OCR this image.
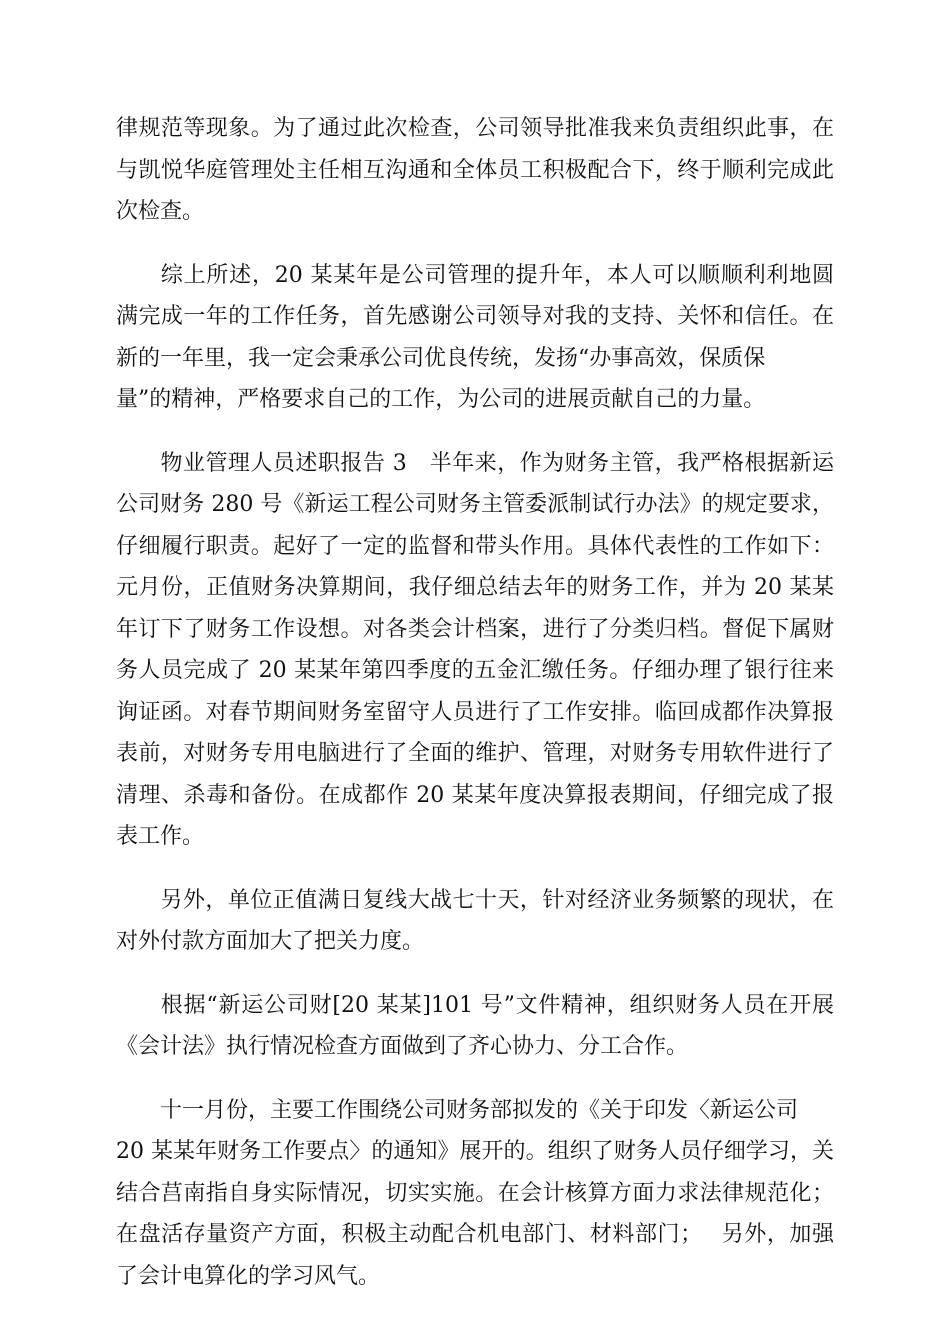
律规范等现象。为了通过此次检查，公司领导批准我来负责组织此事，在
与凯悦华庭管理处主任相互沟通和全体员工积极配合下，终于顺利完成此
次检查。

综上所述，20 某某年是公司管理的提升年，本人可以顺顺利利地圆
满完成一年的工作任务，首先感谢公司领导对我的支持、关怀和信任。在
新的一年里，我一定会秉承公司优良传统，发扬“办事高效，保质保
量”的精神，严格要求自己的工作，为公司的进展贡献自己的力量。

物业管理人员述职报告 3　半年来，作为财务主管，我严格根据新运
公司财务 280 号《新运工程公司财务主管委派制试行办法》的规定要求，
仔细履行职责。起好了一定的监督和带头作用。具体代表性的工作如下：
元月份，正值财务决算期间，我仔细总结去年的财务工作，并为 20 某某
年订下了财务工作设想。对各类会计档案，进行了分类归档。督促下属财
务人员完成了 20 某某年第四季度的五金汇缴任务。仔细办理了银行往来
询证函。对春节期间财务室留守人员进行了工作安排。临回成都作决算报
表前，对财务专用电脑进行了全面的维护、管理，对财务专用软件进行了
清理、杀毒和备份。在成都作 20 某某年度决算报表期间，仔细完成了报
表工作。

另外，单位正值满日复线大战七十天，针对经济业务频繁的现状，在
对外付款方面加大了把关力度。

根据“新运公司财[20 某某]101 号”文件精神，组织财务人员在开展
《会计法》执行情况检查方面做到了齐心协力、分工合作。

十一月份，主要工作围绕公司财务部拟发的《关于印发〈新运公司
20 某某年财务工作要点〉的通知》展开的。组织了财务人员仔细学习，关
结合莒南指自身实际情况，切实实施。在会计核算方面力求法律规范化；
在盘活存量资产方面，积极主动配合机电部门、材料部门；　 另外，加强
了会计电算化的学习风气。
